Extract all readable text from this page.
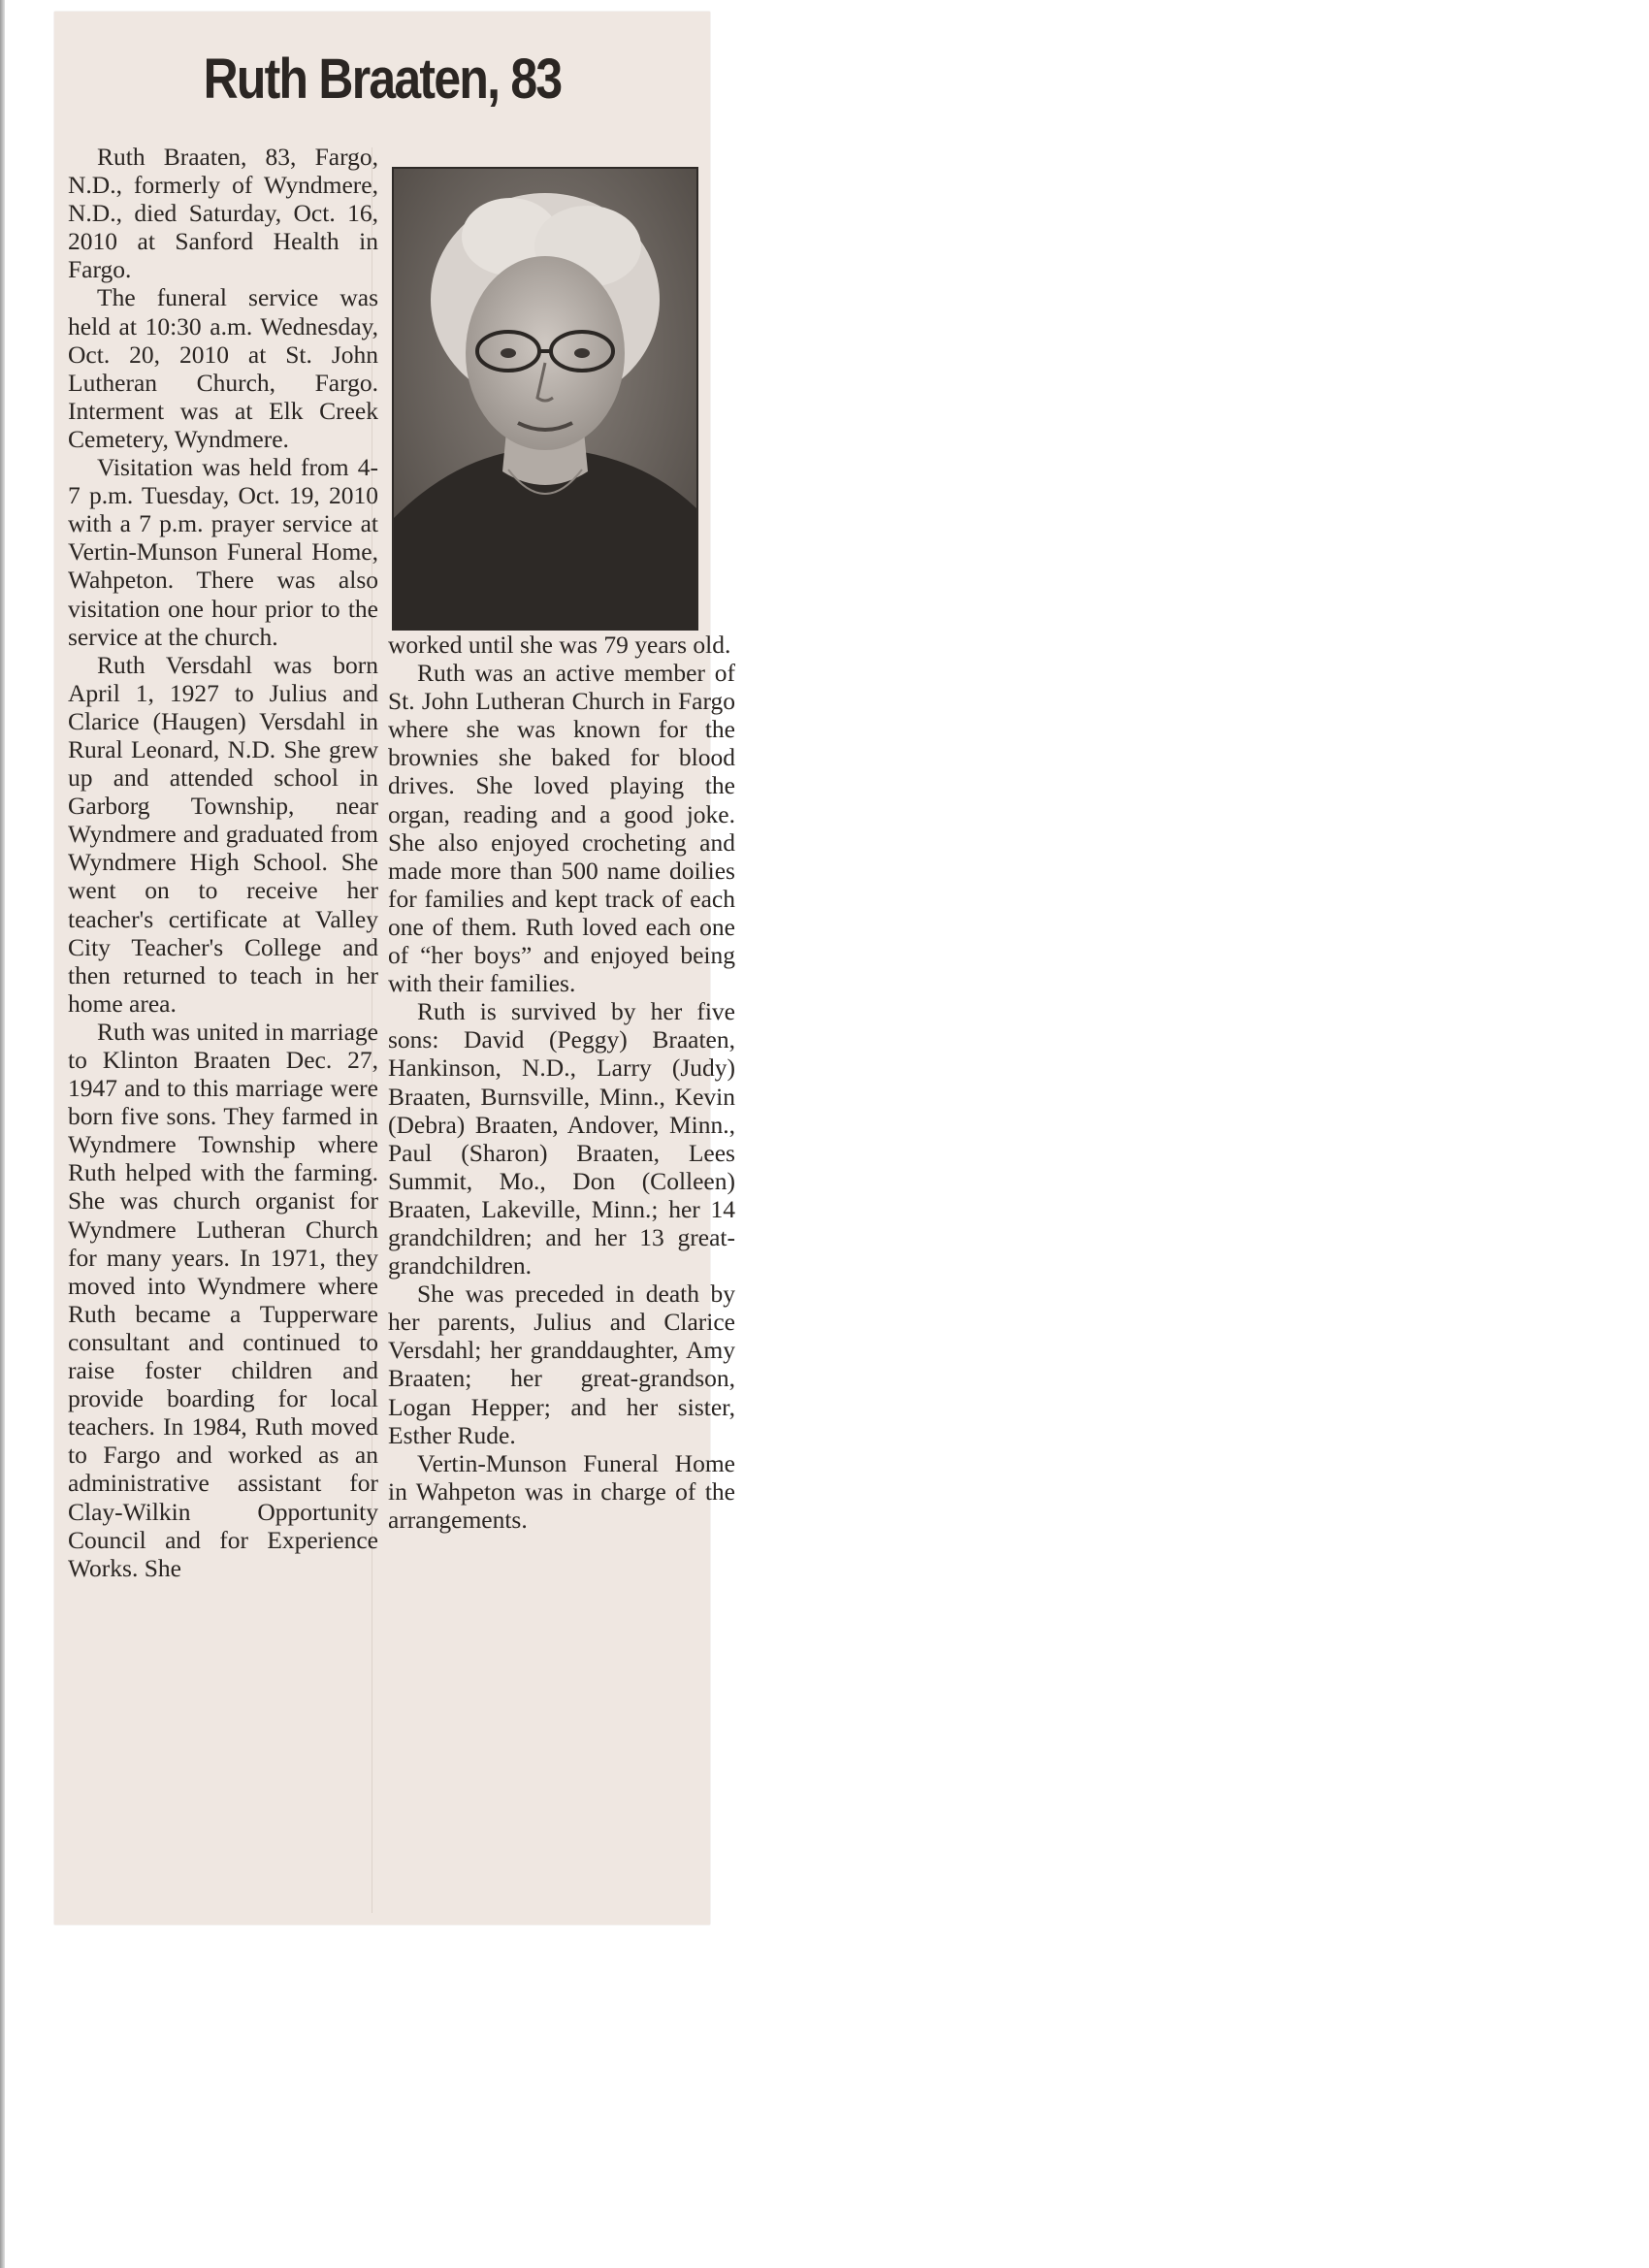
Ruth Braaten, 83

Ruth Braaten, 83, Fargo, N.D., formerly of Wyndmere, N.D., died Saturday, Oct. 16, 2010 at Sanford Health in Fargo.

The funeral service was held at 10:30 a.m. Wednesday, Oct. 20, 2010 at St. John Lutheran Church, Fargo. Interment was at Elk Creek Cemetery, Wyndmere.

Visitation was held from 4-7 p.m. Tuesday, Oct. 19, 2010 with a 7 p.m. prayer service at Vertin-Munson Funeral Home, Wahpeton. There was also visitation one hour prior to the service at the church.

Ruth Versdahl was born April 1, 1927 to Julius and Clarice (Haugen) Versdahl in Rural Leonard, N.D. She grew up and attended school in Garborg Township, near Wyndmere and graduated from Wyndmere High School. She went on to receive her teacher's certificate at Valley City Teacher's College and then returned to teach in her home area.

Ruth was united in marriage to Klinton Braaten Dec. 27, 1947 and to this marriage were born five sons. They farmed in Wyndmere Township where Ruth helped with the farming. She was church organist for Wyndmere Lutheran Church for many years. In 1971, they moved into Wyndmere where Ruth became a Tupperware consultant and continued to raise foster children and provide boarding for local teachers. In 1984, Ruth moved to Fargo and worked as an administrative assistant for Clay-Wilkin Opportunity Council and for Experience Works. She

worked until she was 79 years old.

Ruth was an active member of St. John Lutheran Church in Fargo where she was known for the brownies she baked for blood drives. She loved playing the organ, reading and a good joke. She also enjoyed crocheting and made more than 500 name doilies for families and kept track of each one of them. Ruth loved each one of “her boys” and enjoyed being with their families.

Ruth is survived by her five sons: David (Peggy) Braaten, Hankinson, N.D., Larry (Judy) Braaten, Burnsville, Minn., Kevin (Debra) Braaten, Andover, Minn., Paul (Sharon) Braaten, Lees Summit, Mo., Don (Colleen) Braaten, Lakeville, Minn.; her 14 grandchildren; and her 13 great-grandchildren.

She was preceded in death by her parents, Julius and Clarice Versdahl; her granddaughter, Amy Braaten; her great-grandson, Logan Hepper; and her sister, Esther Rude.

Vertin-Munson Funeral Home in Wahpeton was in charge of the arrangements.
